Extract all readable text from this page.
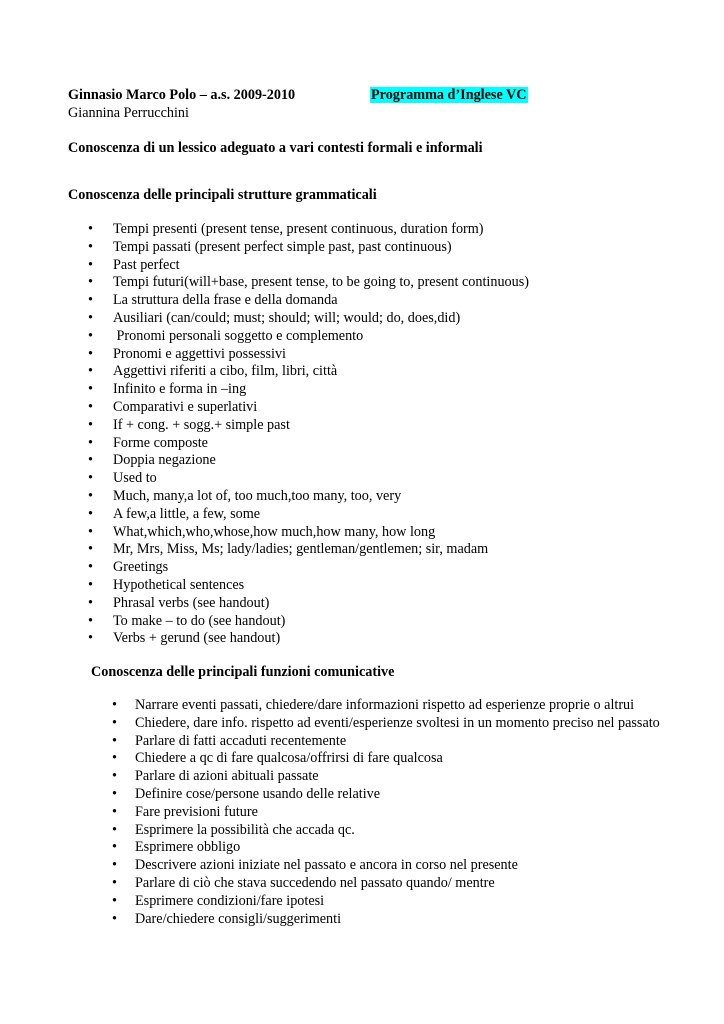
Ginnasio Marco Polo – a.s. 2009-2010	Programma d’Inglese VC
Giannina Perrucchini
Conoscenza di un lessico adeguato a vari contesti formali e informali
Conoscenza delle principali strutture grammaticali
• Tempi presenti (present tense, present continuous, duration form)
• Tempi passati (present perfect simple past, past continuous)
• Past perfect
• Tempi futuri(will+base, present tense, to be going to, present continuous)
• La struttura della frase e della domanda
• Ausiliari (can/could; must; should; will; would; do, does,did)
• Pronomi personali soggetto e complemento
• Pronomi e aggettivi possessivi
• Aggettivi riferiti a cibo, film, libri, città
• Infinito e forma in –ing
• Comparativi e superlativi
• If + cong. + sogg.+ simple past
• Forme composte
• Doppia negazione
• Used to
• Much, many,a lot of, too much,too many, too, very
• A few,a little, a few, some
• What,which,who,whose,how much,how many, how long
• Mr, Mrs, Miss, Ms; lady/ladies; gentleman/gentlemen; sir, madam
• Greetings
• Hypothetical sentences
• Phrasal verbs (see handout)
• To make – to do (see handout)
• Verbs + gerund (see handout)
Conoscenza delle principali funzioni comunicative
• Narrare eventi passati, chiedere/dare informazioni rispetto ad esperienze proprie o altrui
• Chiedere, dare info. rispetto ad eventi/esperienze svoltesi in un momento preciso nel passato
• Parlare di fatti accaduti recentemente
• Chiedere a qc di fare qualcosa/offrirsi di fare qualcosa
• Parlare di azioni abituali passate
• Definire cose/persone usando delle relative
• Fare previsioni future
• Esprimere la possibilità che accada qc.
• Esprimere obbligo
• Descrivere azioni iniziate nel passato e ancora in corso nel presente
• Parlare di ciò che stava succedendo nel passato quando/ mentre
• Esprimere condizioni/fare ipotesi
• Dare/chiedere consigli/suggerimenti
